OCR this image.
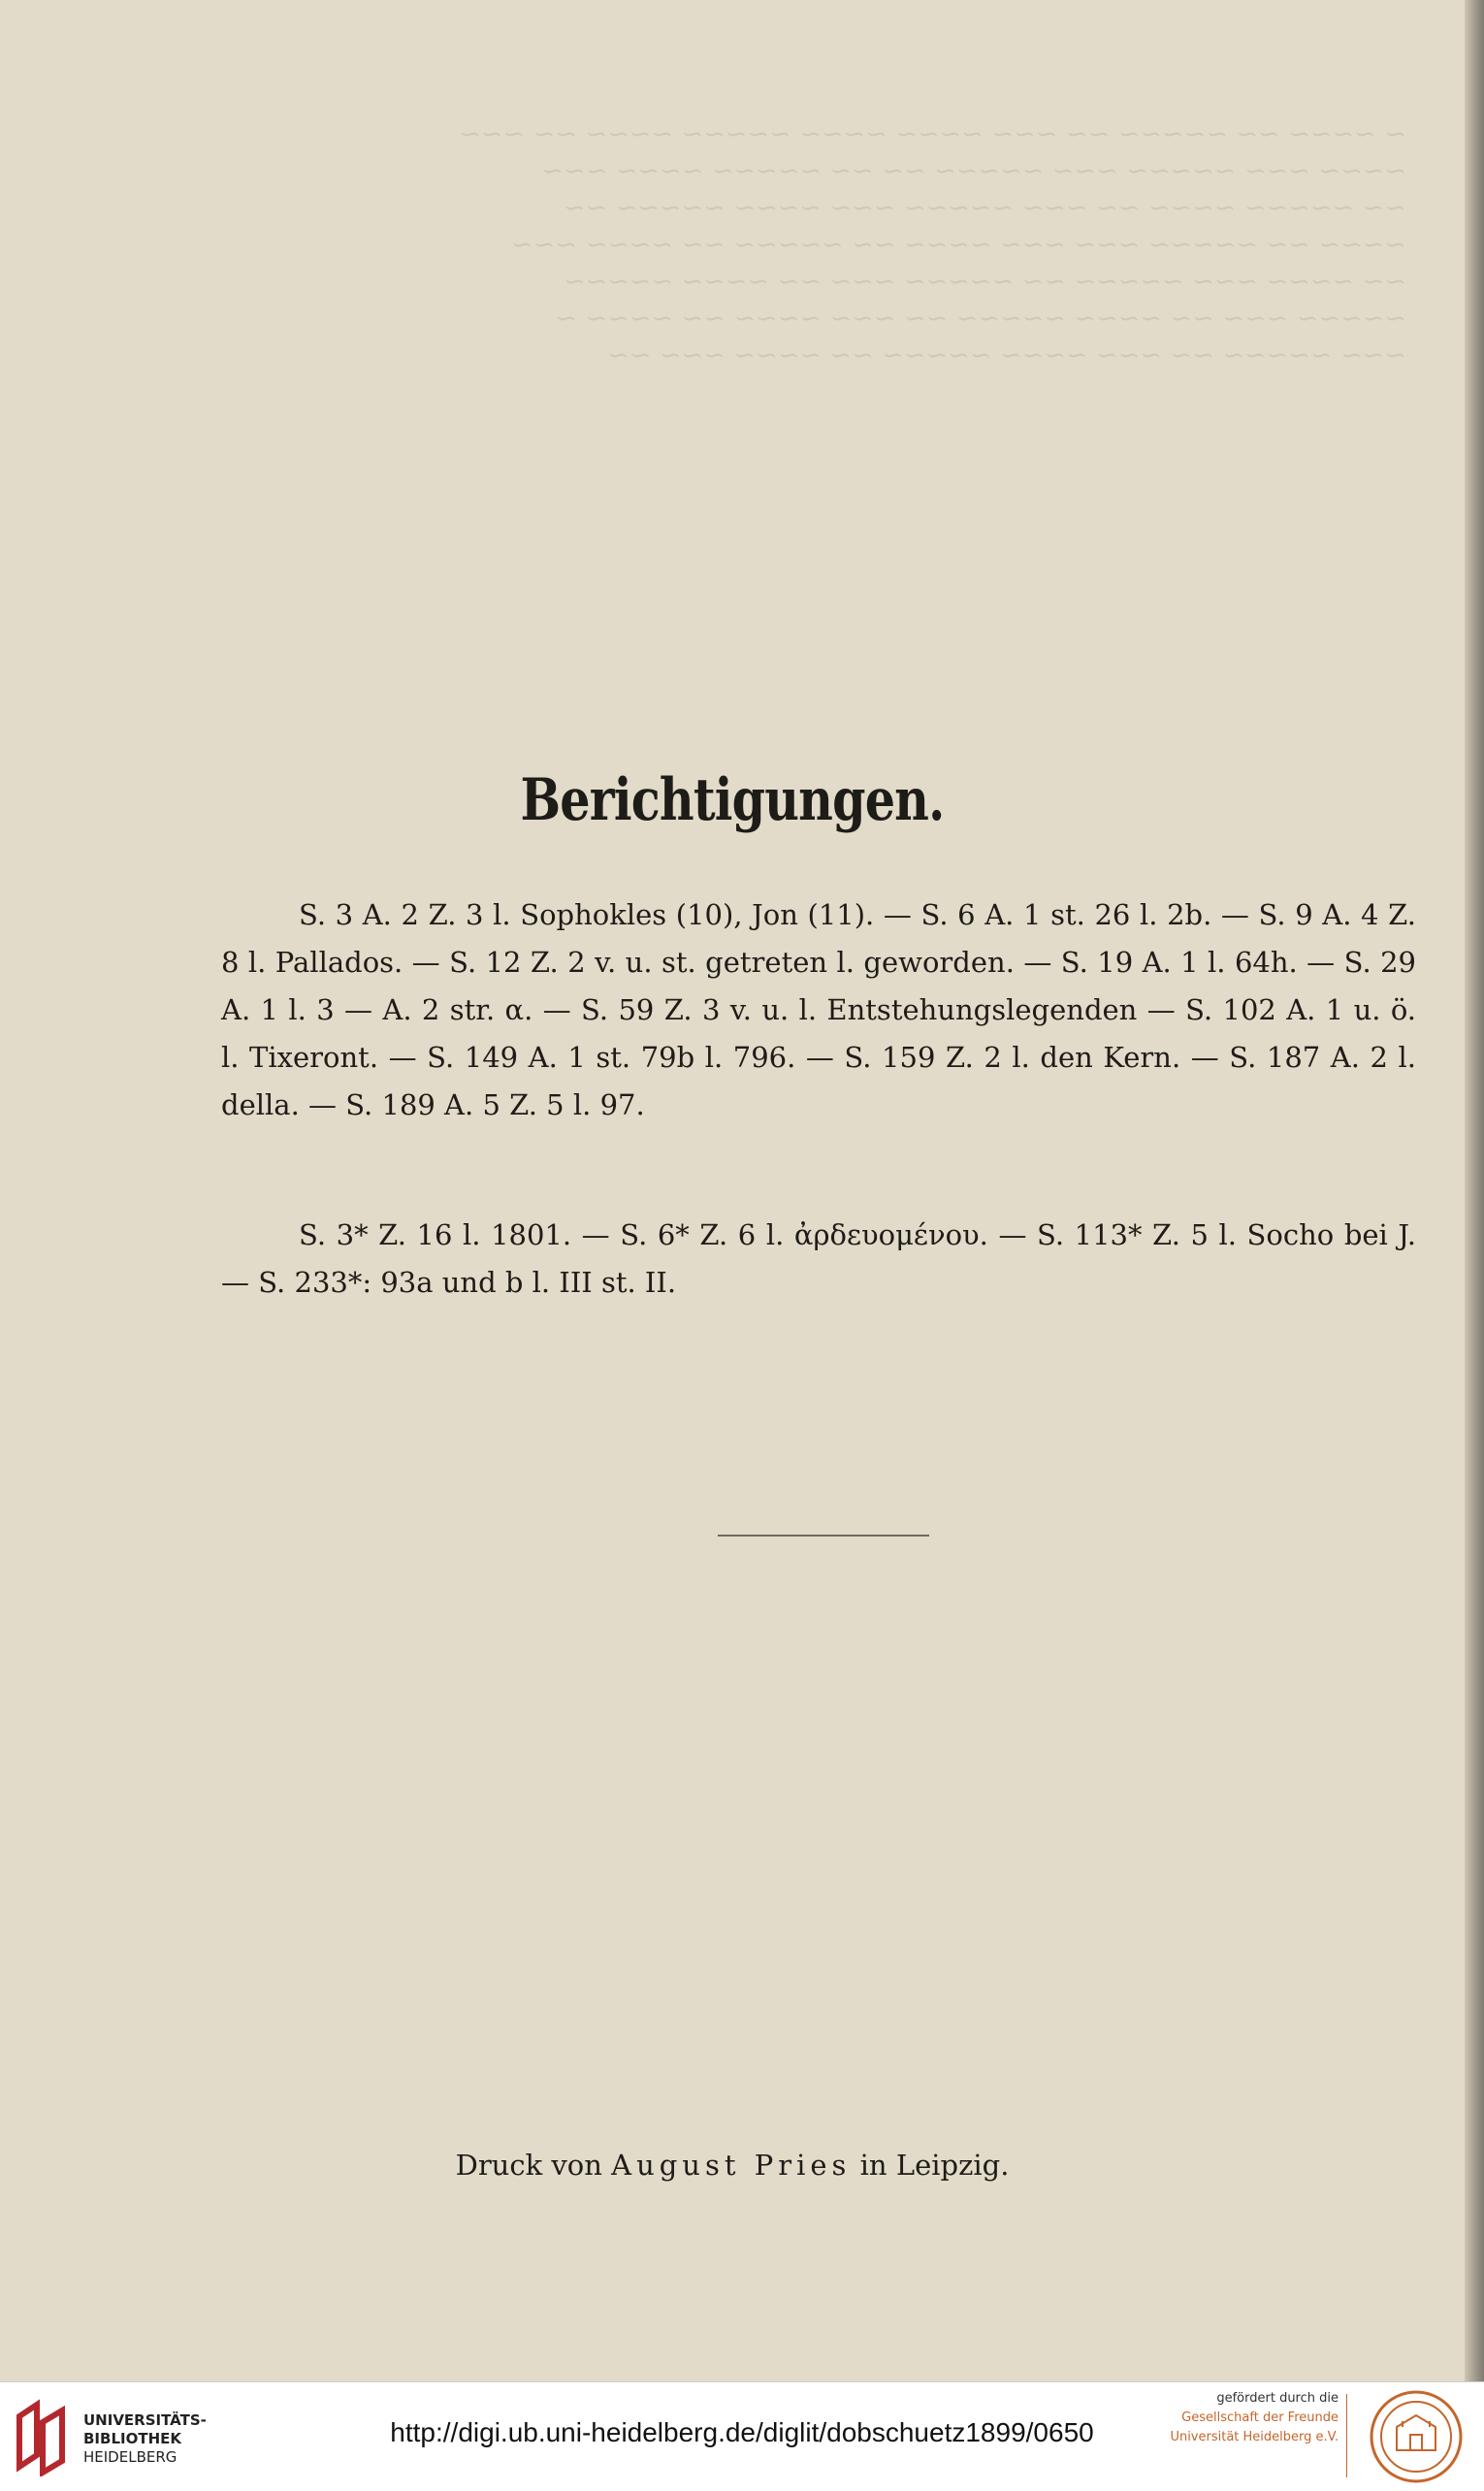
~ ~~~~ ~~ ~~~~~ ~~ ~~~ ~~~~ ~~~~ ~~~~~ ~~~~ ~~ ~~~
~~~~ ~~~ ~~~~~ ~~~ ~~~~~ ~~ ~~ ~~~~~ ~~~~ ~~~
~~ ~~~~~ ~~~~ ~~ ~~~ ~~~~~ ~~~ ~~~~ ~~~~~ ~~
~~~~ ~~ ~~~~~ ~~~ ~~~ ~~~~ ~~ ~~~~~ ~~ ~~~~ ~~~
~~ ~~~~ ~~~ ~~~~~ ~~ ~~~~~ ~~~ ~~ ~~~~ ~~~~~
~~~~~ ~~~ ~~ ~~~~ ~~~~~ ~~ ~~~ ~~~~ ~~ ~~~~ ~
~~~ ~~~~~ ~~ ~~~ ~~~~ ~~~~~ ~~ ~~~~ ~~~ ~~
Berichtigungen.
S. 3 A. 2 Z. 3 l. Sophokles (10), Jon (11). — S. 6 A. 1 st. 26 l. 2b. — S. 9 A. 4 Z. 8 l. Pallados. — S. 12 Z. 2 v. u. st. getreten l. geworden. — S. 19 A. 1 l. 64h. — S. 29 A. 1 l. 3 — A. 2 str. α. — S. 59 Z. 3 v. u. l. Entstehungslegenden — S. 102 A. 1 u. ö. l. Tixeront. — S. 149 A. 1 st. 79b l. 796. — S. 159 Z. 2 l. den Kern. — S. 187 A. 2 l. della. — S. 189 A. 5 Z. 5 l. 97.
S. 3* Z. 16 l. 1801. — S. 6* Z. 6 l. ἀρδευομένου. — S. 113* Z. 5 l. Socho bei J. — S. 233*: 93a und b l. III st. II.
Druck von August Pries in Leipzig.
UNIVERSITÄTS-
BIBLIOTHEK
HEIDELBERG
http://digi.ub.uni-heidelberg.de/diglit/dobschuetz1899/0650
gefördert durch die
Gesellschaft der Freunde
Universität Heidelberg e.V.
